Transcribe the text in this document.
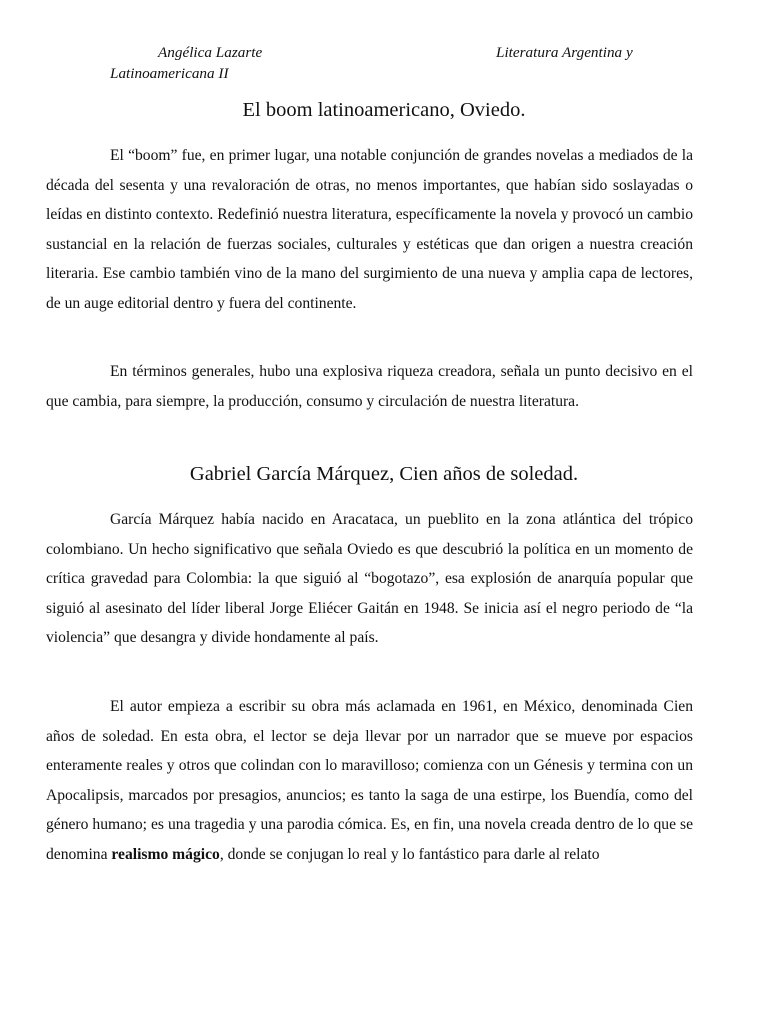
Angélica Lazarte	Literatura Argentina y
Latinoamericana II
El boom latinoamericano, Oviedo.

El “boom” fue, en primer lugar, una notable conjunción de grandes novelas a mediados de la década del sesenta y una revaloración de otras, no menos importantes, que habían sido soslayadas o leídas en distinto contexto. Redefinió nuestra literatura, específicamente la novela y provocó un cambio sustancial en la relación de fuerzas sociales, culturales y estéticas que dan origen a nuestra creación literaria. Ese cambio también vino de la mano del surgimiento de una nueva y amplia capa de lectores, de un auge editorial dentro y fuera del continente.

En términos generales, hubo una explosiva riqueza creadora, señala un punto decisivo en el que cambia, para siempre, la producción, consumo y circulación de nuestra literatura.

Gabriel García Márquez, Cien años de soledad.

García Márquez había nacido en Aracataca, un pueblito en la zona atlántica del trópico colombiano. Un hecho significativo que señala Oviedo es que descubrió la política en un momento de crítica gravedad para Colombia: la que siguió al “bogotazo”, esa explosión de anarquía popular que siguió al asesinato del líder liberal Jorge Eliécer Gaitán en 1948. Se inicia así el negro periodo de “la violencia” que desangra y divide hondamente al país.

El autor empieza a escribir su obra más aclamada en 1961, en México, denominada Cien años de soledad. En esta obra, el lector se deja llevar por un narrador que se mueve por espacios enteramente reales y otros que colindan con lo maravilloso; comienza con un Génesis y termina con un Apocalipsis, marcados por presagios, anuncios; es tanto la saga de una estirpe, los Buendía, como del género humano; es una tragedia y una parodia cómica. Es, en fin, una novela creada dentro de lo que se denomina realismo mágico, donde se conjugan lo real y lo fantástico para darle al relato
